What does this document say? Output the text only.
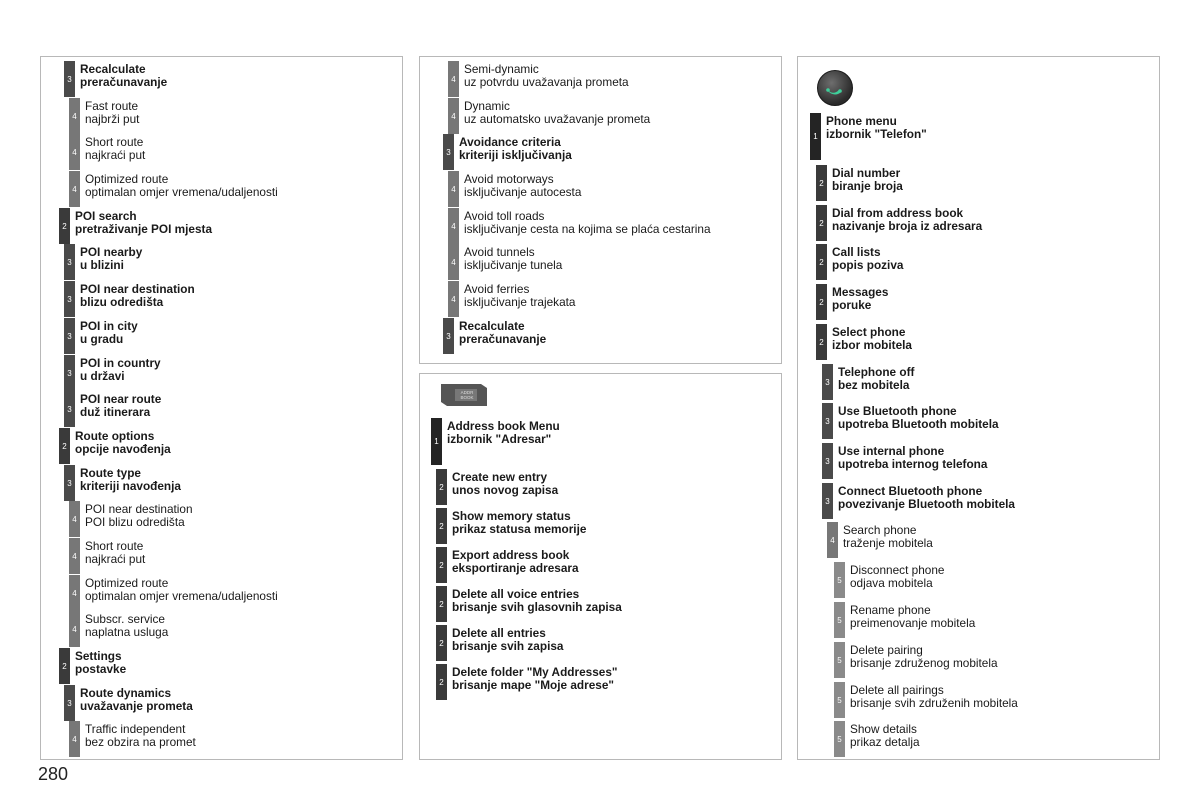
ADDR BOOK
3
Recalculate
preračunavanje
4
Fast route
najbrži put
4
Short route
najkraći put
4
Optimized route
optimalan omjer vremena/udaljenosti
2
POI search
pretraživanje POI mjesta
3
POI nearby
u blizini
3
POI near destination
blizu odredišta
3
POI in city
u gradu
3
POI in country
u državi
3
POI near route
duž itinerara
2
Route options
opcije navođenja
3
Route type
kriteriji navođenja
4
POI near destination
POI blizu odredišta
4
Short route
najkraći put
4
Optimized route
optimalan omjer vremena/udaljenosti
4
Subscr. service
naplatna usluga
2
Settings
postavke
3
Route dynamics
uvažavanje prometa
4
Traffic independent
bez obzira na promet
4
Semi-dynamic
uz potvrdu uvažavanja prometa
4
Dynamic
uz automatsko uvažavanje prometa
3
Avoidance criteria
kriteriji isključivanja
4
Avoid motorways
isključivanje autocesta
4
Avoid toll roads
isključivanje cesta na kojima se plaća cestarina
4
Avoid tunnels
isključivanje tunela
4
Avoid ferries
isključivanje trajekata
3
Recalculate
preračunavanje
1
Address book Menu
izbornik "Adresar"
2
Create new entry
unos novog zapisa
2
Show memory status
prikaz statusa memorije
2
Export address book
eksportiranje adresara
2
Delete all voice entries
brisanje svih glasovnih zapisa
2
Delete all entries
brisanje svih zapisa
2
Delete folder "My Addresses"
brisanje mape "Moje adrese"
1
Phone menu
izbornik "Telefon"
2
Dial number
biranje broja
2
Dial from address book
nazivanje broja iz adresara
2
Call lists
popis poziva
2
Messages
poruke
2
Select phone
izbor mobitela
3
Telephone off
bez mobitela
3
Use Bluetooth phone
upotreba Bluetooth mobitela
3
Use internal phone
upotreba internog telefona
3
Connect Bluetooth phone
povezivanje Bluetooth mobitela
4
Search phone
traženje mobitela
5
Disconnect phone
odjava mobitela
5
Rename phone
preimenovanje mobitela
5
Delete pairing
brisanje združenog mobitela
5
Delete all pairings
brisanje svih združenih mobitela
5
Show details
prikaz detalja
280
